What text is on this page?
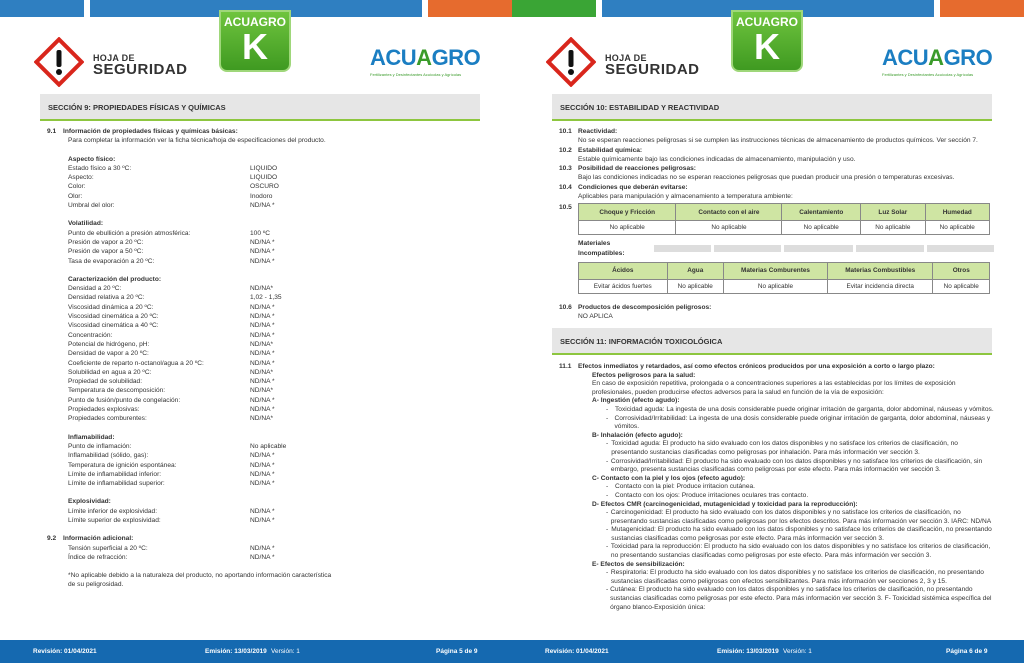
HOJA DE
SEGURIDAD
ACUAGRO
K	ACUAGRO
Fertilizantes y Desinfectantes Acuícolas y Agrícolas
SECCIÓN 9: PROPIEDADES FÍSICAS Y QUÍMICAS
9.1	Información de propiedades físicas y químicas básicas:
Para completar la información ver la ficha técnica/hoja de especificaciones del producto.
Aspecto físico:
Estado físico a 30 ºC:	LIQUIDO
Aspecto:	LIQUIDO
Color:	OSCURO
Olor:	Inodoro
Umbral del olor:	ND/NA *
Volatilidad:
Punto de ebullición a presión atmosférica:	100 ºC
Presión de vapor a 20 ºC:	ND/NA *
Presión de vapor a 50 ºC:	ND/NA *
Tasa de evaporación a 20 ºC:	ND/NA *
Caracterización del producto:
Densidad a 20 ºC:	ND/NA*
Densidad relativa a 20 ºC:	1,02 - 1,35
Viscosidad dinámica a 20 ºC:	ND/NA *
Viscosidad cinemática a 20 ºC:	ND/NA *
Viscosidad cinemática a 40 ºC:	ND/NA *
Concentración:	ND/NA *
Potencial de hidrógeno, pH:	ND/NA*
Densidad de vapor a 20 ºC:	ND/NA *
Coeficiente de reparto n-octanol/agua a 20 ºC:	ND/NA *
Solubilidad en agua a 20 ºC:	ND/NA*
Propiedad de solubilidad:	ND/NA *
Temperatura de descomposición:	ND/NA*
Punto de fusión/punto de congelación:	ND/NA *
Propiedades explosivas:	ND/NA *
Propiedades comburentes:	ND/NA*
Inflamabilidad:
Punto de inflamación:	No aplicable
Inflamabilidad (sólido, gas):	ND/NA *
Temperatura de ignición espontánea:	ND/NA *
Límite de inflamabilidad inferior:	ND/NA *
Límite de inflamabilidad superior:	ND/NA *
Explosividad:
Límite inferior de explosividad:	ND/NA *
Límite superior de explosividad:	ND/NA *
9.2	Información adicional:
Tensión superficial a 20 ºC:	ND/NA *
Índice de refracción:	ND/NA *
*No aplicable debido a la naturaleza del producto, no aportando información característica de su peligrosidad.
Revisión: 01/04/2021	Emisión: 13/03/2019 Versión: 1	Página 5 de 9
HOJA DE
SEGURIDAD
ACUAGRO
K	ACUAGRO
Fertilizantes y Desinfectantes Acuícolas y Agrícolas
SECCIÓN 10: ESTABILIDAD Y REACTIVIDAD
10.1 Reactividad:
No se esperan reacciones peligrosas si se cumplen las instrucciones técnicas de almacenamiento de productos químicos. Ver sección 7.
10.2 Estabilidad química:
Estable químicamente bajo las condiciones indicadas de almacenamiento, manipulación y uso.
10.3 Posibilidad de reacciones peligrosas:
Bajo las condiciones indicadas no se esperan reacciones peligrosas que puedan producir una presión o temperaturas excesivas.
10.4 Condiciones que deberán evitarse:
Aplicables para manipulación y almacenamiento a temperatura ambiente:
10.5
Choque y Fricción	Contacto con el aire	Calentamiento	Luz Solar	Humedad
No aplicable	No aplicable	No aplicable	No aplicable	No aplicable
Materiales Incompatibles:
Ácidos	Agua	Materias Comburentes	Materias Combustibles	Otros
Evitar ácidos fuertes	No aplicable	No aplicable	Evitar incidencia directa	No aplicable
10.6 Productos de descomposición peligrosos:
NO APLICA
SECCIÓN 11: INFORMACIÓN TOXICOLÓGICA
11.1 Efectos inmediatos y retardados, así como efectos crónicos producidos por una exposición a corto o largo plazo:
Efectos peligrosos para la salud:
En caso de exposición repetitiva, prolongada o a concentraciones superiores a las establecidas por los límites de exposición profesionales, pueden producirse efectos adversos para la salud en función de la vía de exposición:
A- Ingestión (efecto agudo):
-	Toxicidad aguda: La ingesta de una dosis considerable puede originar irritación de garganta, dolor abdominal, náuseas y vómitos.
- Corrosividad/Irritabilidad: La ingesta de una dosis considerable puede originar irritación de garganta, dolor abdominal, náuseas y vómitos.
B- Inhalación (efecto agudo):
- Toxicidad aguda: El producto ha sido evaluado con los datos disponibles y no satisface los criterios de clasificación, no presentando sustancias clasificadas como peligrosas por inhalación. Para más información ver sección 3.
- Corrosividad/Irritabilidad: El producto ha sido evaluado con los datos disponibles y no satisface los criterios de clasificación, sin embargo, presenta sustancias clasificadas como peligrosas por este efecto. Para más información ver sección 3.
C- Contacto con la piel y los ojos (efecto agudo):
-	Contacto con la piel: Produce irritacion cutánea.
-	Contacto con los ojos: Produce irritaciones oculares tras contacto.
D- Efectos CMR (carcinogenicidad, mutagenicidad y toxicidad para la reproducción):
- Carcinogenicidad: El producto ha sido evaluado con los datos disponibles y no satisface los criterios de clasificación, no presentando sustancias clasificadas como peligrosas por los efectos descritos. Para más información ver sección 3. IARC: ND/NA
- Mutagenicidad: El producto ha sido evaluado con los datos disponibles y no satisface los criterios de clasificación, no presentando sustancias clasificadas como peligrosas por este efecto. Para más información ver sección 3.
- Toxicidad para la reproducción: El producto ha sido evaluado con los datos disponibles y no satisface los criterios de clasificación, no presentando sustancias clasificadas como peligrosas por este efecto. Para más información ver sección 3.
E- Efectos de sensibilización:
- Respiratoria: El producto ha sido evaluado con los datos disponibles y no satisface los criterios de clasificación, no presentando sustancias clasificadas como peligrosas con efectos sensibilizantes. Para más información ver secciones 2, 3 y 15.
- Cutánea: El producto ha sido evaluado con los datos disponibles y no satisface los criterios de clasificación, no presentando sustancias clasificadas como peligrosas por este efecto. Para más información ver sección 3. F- Toxicidad sistémica específica del órgano blanco-Exposición única:
Revisión: 01/04/2021	Emisión: 13/03/2019 Versión: 1	Página 6 de 9
